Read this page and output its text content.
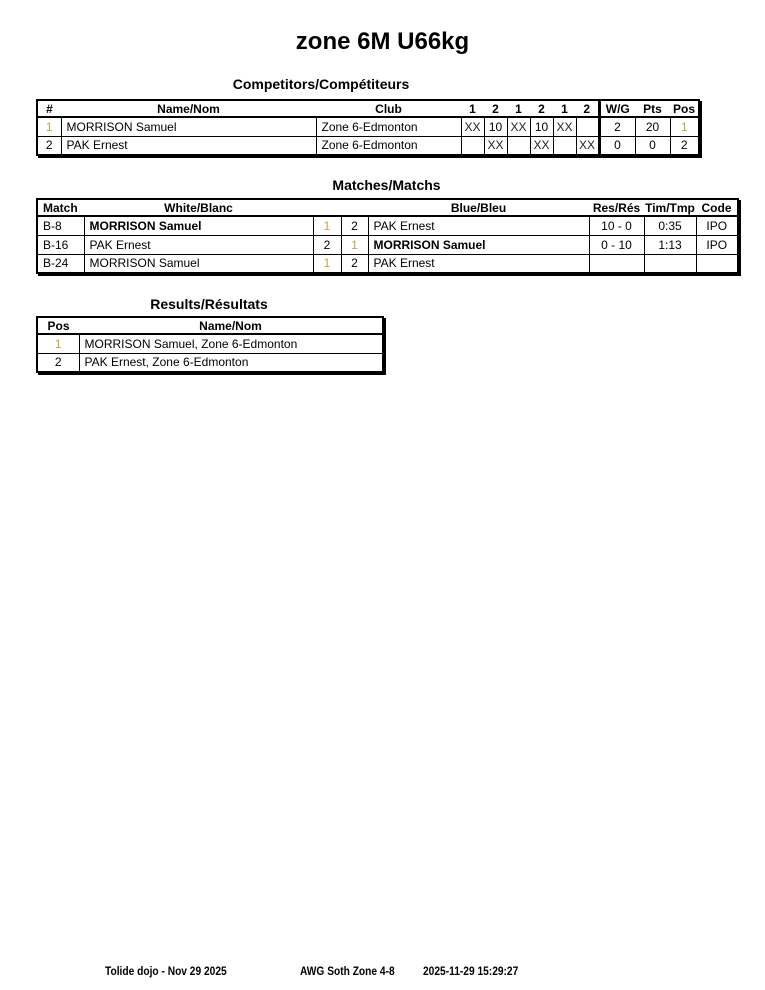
zone 6M U66kg
Competitors/Compétiteurs
#	Name/Nom	Club	1	2	1	2	1	2	W/G	Pts	Pos
1	MORRISON Samuel	Zone 6-Edmonton	XX	10	XX	10	XX		2	20	1
2	PAK Ernest	Zone 6-Edmonton		XX		XX		XX	0	0	2
Matches/Matchs
Match	White/Blanc			Blue/Bleu	Res/Rés	Tim/Tmp	Code
B-8	MORRISON Samuel	1	2	PAK Ernest	10 - 0	0:35	IPO
B-16	PAK Ernest	2	1	MORRISON Samuel	0 - 10	1:13	IPO
B-24	MORRISON Samuel	1	2	PAK Ernest			
Results/Résultats
Pos	Name/Nom
1	MORRISON Samuel, Zone 6-Edmonton
2	PAK Ernest, Zone 6-Edmonton
Tolide dojo - Nov 29 2025	AWG Soth Zone 4-8 2025-11-29 15:29:27
